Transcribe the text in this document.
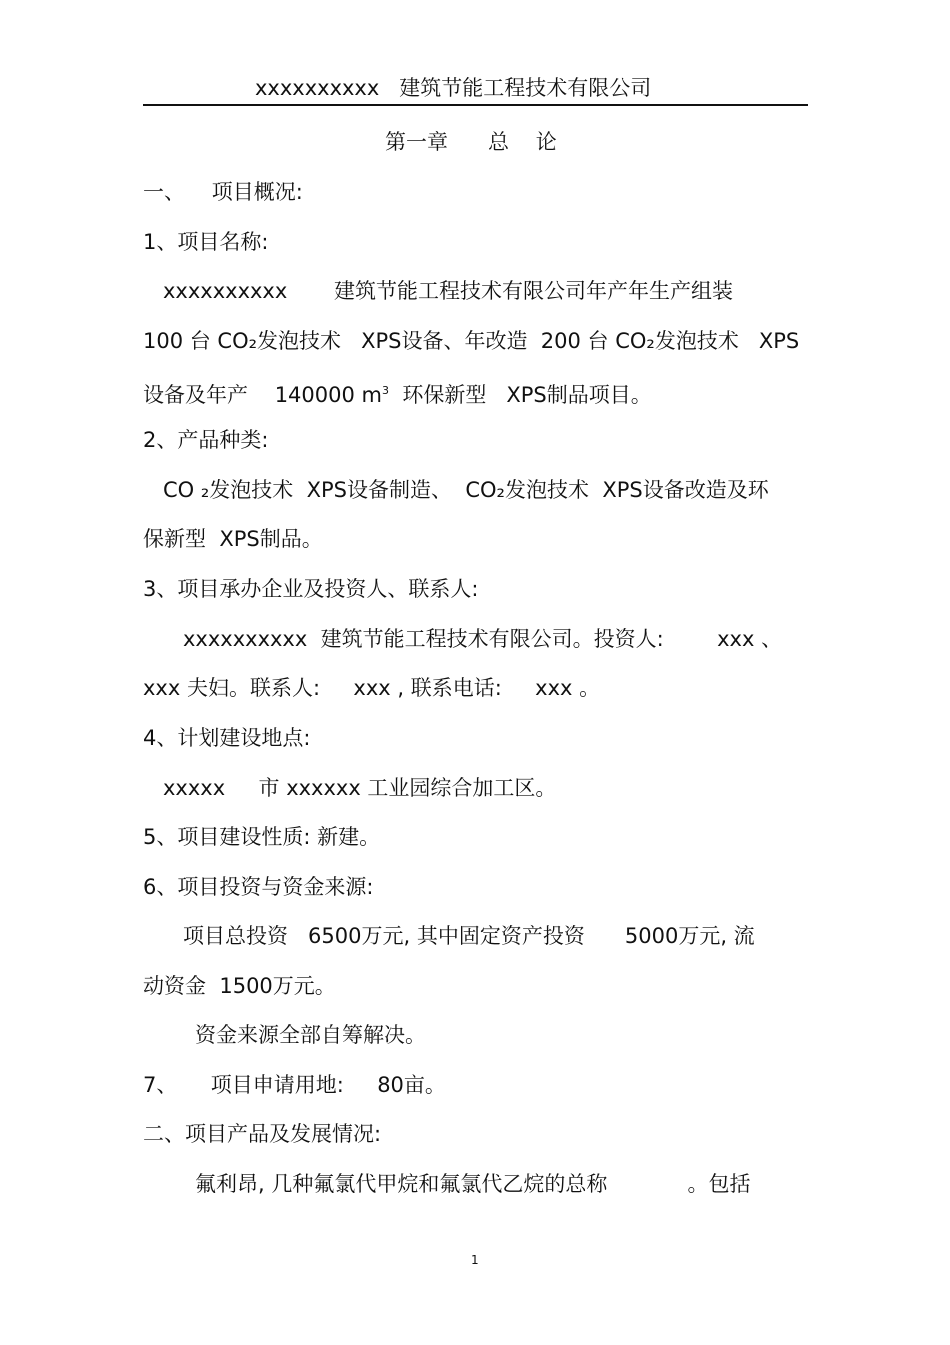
xxxxxxxxxx   建筑节能工程技术有限公司
第一章      总    论
一、    项目概况:
1、项目名称:
xxxxxxxxxx       建筑节能工程技术有限公司年产年生产组装
100 台 CO₂发泡技术   XPS设备、年改造  200 台 CO₂发泡技术   XPS
设备及年产    140000 $m^3$  环保新型   XPS制品项目。
2、产品种类:
CO ₂发泡技术  XPS设备制造、  CO₂发泡技术  XPS设备改造及环
保新型  XPS制品。
3、项目承办企业及投资人、联系人:
xxxxxxxxxx  建筑节能工程技术有限公司。投资人:        xxx 、
xxx 夫妇。联系人:     xxx , 联系电话:     xxx 。
4、计划建设地点:
xxxxx     市 xxxxxx 工业园综合加工区。
5、项目建设性质: 新建。
6、项目投资与资金来源:
项目总投资   6500万元, 其中固定资产投资      5000万元, 流
动资金  1500万元。
资金来源全部自筹解决。
7、     项目申请用地:     80亩。
二、项目产品及发展情况:
氟利昂, 几种氟氯代甲烷和氟氯代乙烷的总称            。包括
1
